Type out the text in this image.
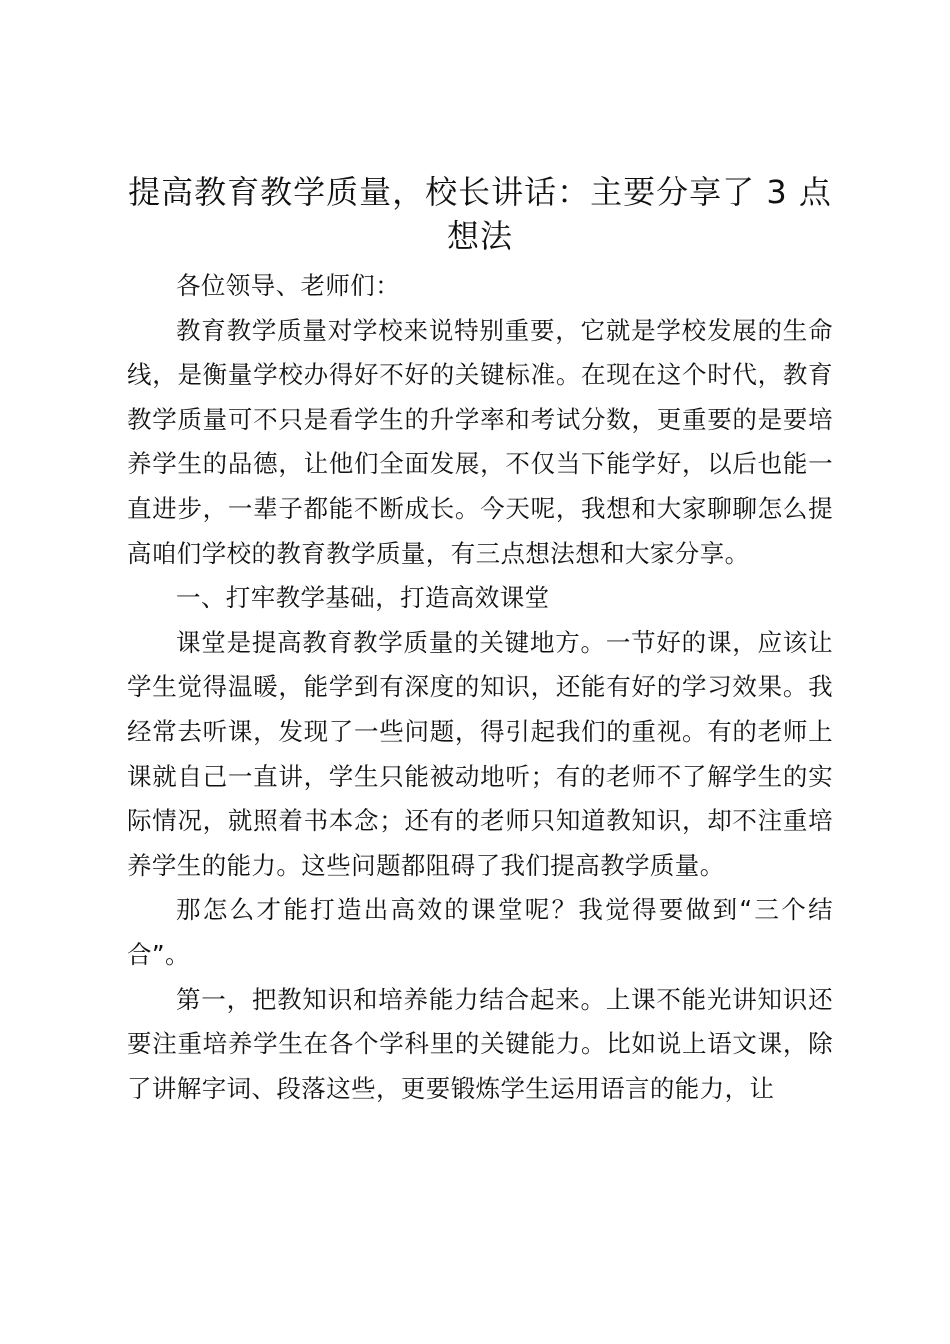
提高教育教学质量，校长讲话：主要分享了 3 点想法

各位领导、老师们：

教育教学质量对学校来说特别重要，它就是学校发展的生命线，是衡量学校办得好不好的关键标准。在现在这个时代，教育教学质量可不只是看学生的升学率和考试分数，更重要的是要培养学生的品德，让他们全面发展，不仅当下能学好，以后也能一直进步，一辈子都能不断成长。今天呢，我想和大家聊聊怎么提高咱们学校的教育教学质量，有三点想法想和大家分享。

一、打牢教学基础，打造高效课堂

课堂是提高教育教学质量的关键地方。一节好的课，应该让学生觉得温暖，能学到有深度的知识，还能有好的学习效果。我经常去听课，发现了一些问题，得引起我们的重视。有的老师上课就自己一直讲，学生只能被动地听；有的老师不了解学生的实际情况，就照着书本念；还有的老师只知道教知识，却不注重培养学生的能力。这些问题都阻碍了我们提高教学质量。

那怎么才能打造出高效的课堂呢？我觉得要做到“三个结合”。

第一，把教知识和培养能力结合起来。上课不能光讲知识还要注重培养学生在各个学科里的关键能力。比如说上语文课，除了讲解字词、段落这些，更要锻炼学生运用语言的能力，让
